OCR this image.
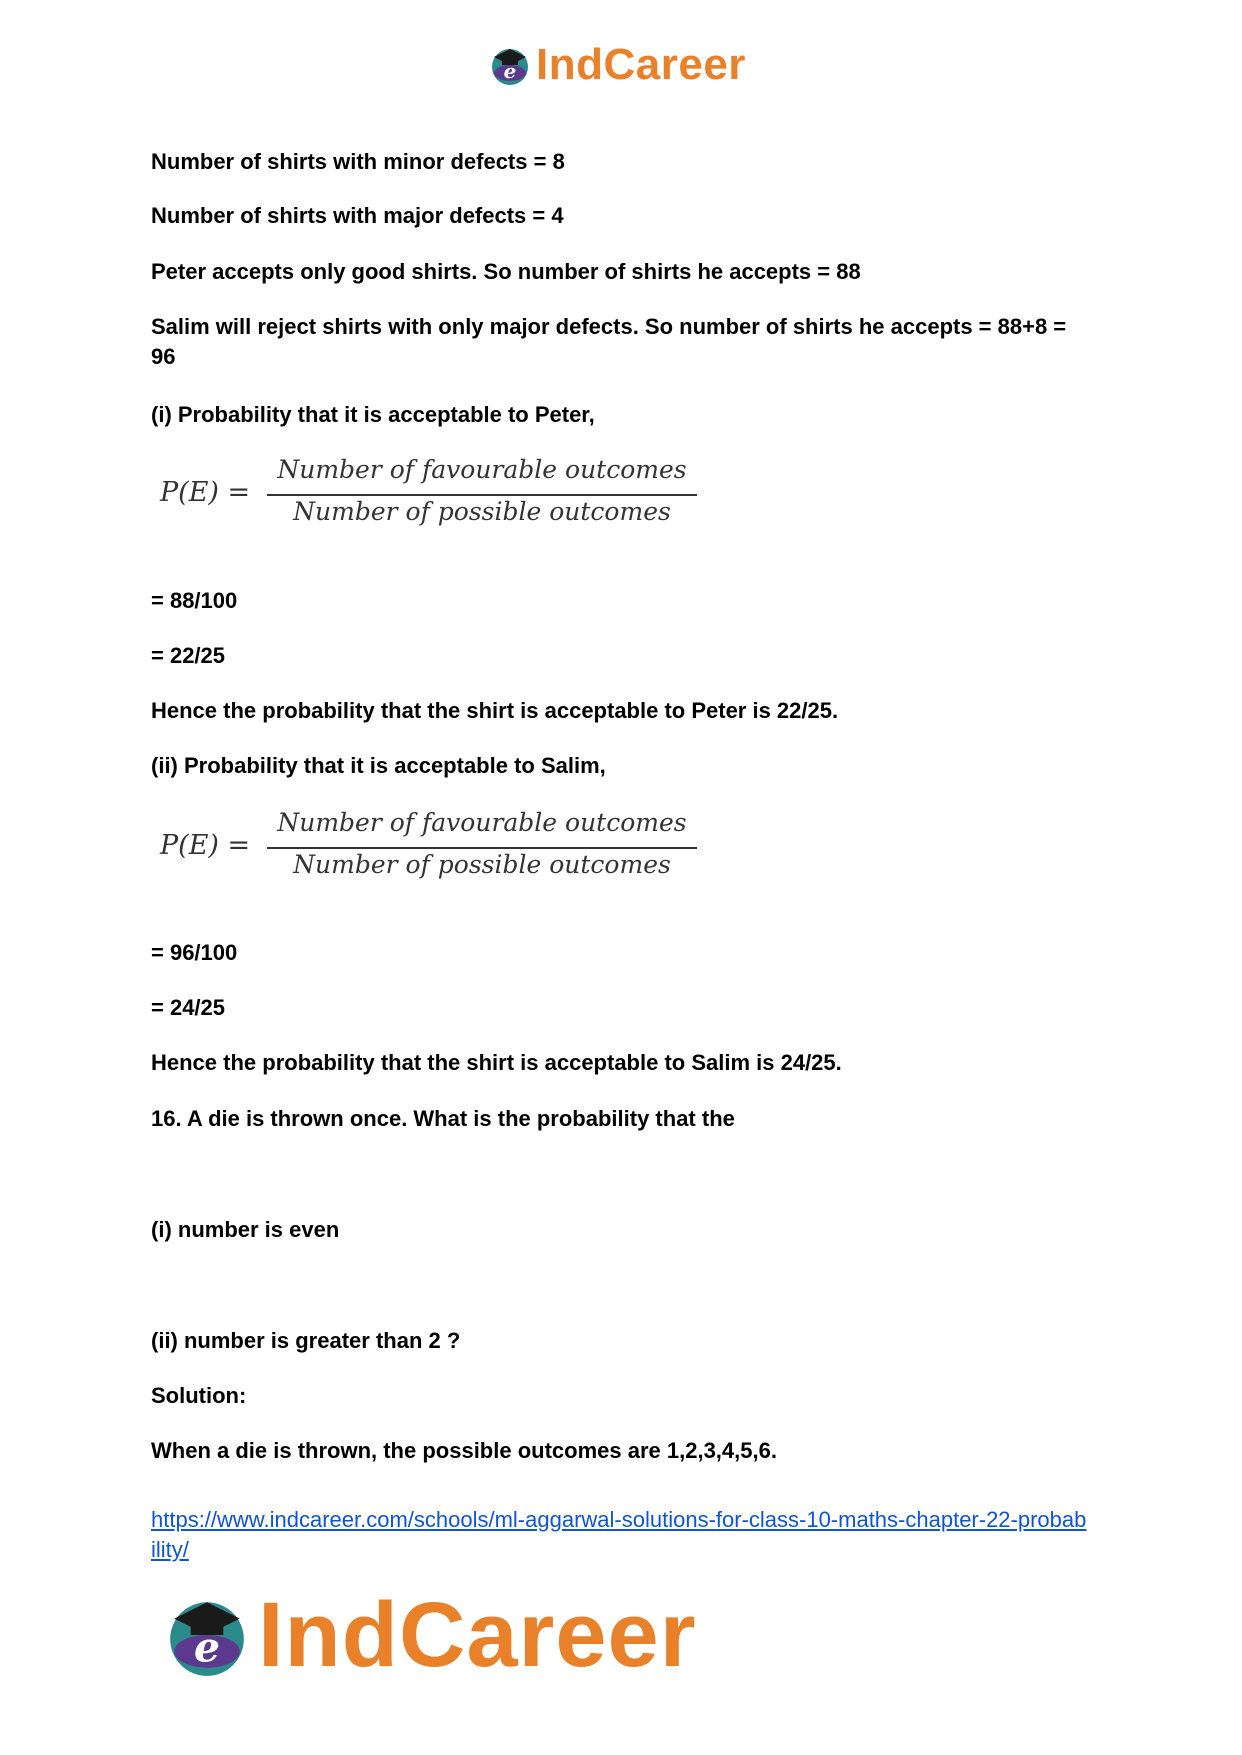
e IndCareer

Number of shirts with minor defects = 8

Number of shirts with major defects = 4

Peter accepts only good shirts. So number of shirts he accepts = 88

Salim will reject shirts with only major defects. So number of shirts he accepts = 88+8 = 96

(i) Probability that it is acceptable to Peter,

P(E) =
Number of favourable outcomes
Number of possible outcomes

= 88/100

= 22/25

Hence the probability that the shirt is acceptable to Peter is 22/25.

(ii) Probability that it is acceptable to Salim,

P(E) =
Number of favourable outcomes
Number of possible outcomes

= 96/100

= 24/25

Hence the probability that the shirt is acceptable to Salim is 24/25.

16. A die is thrown once. What is the probability that the

(i) number is even

(ii) number is greater than 2 ?

Solution:

When a die is thrown, the possible outcomes are 1,2,3,4,5,6.

https://www.indcareer.com/schools/ml-aggarwal-solutions-for-class-10-maths-chapter-22-probability/
e IndCareer
